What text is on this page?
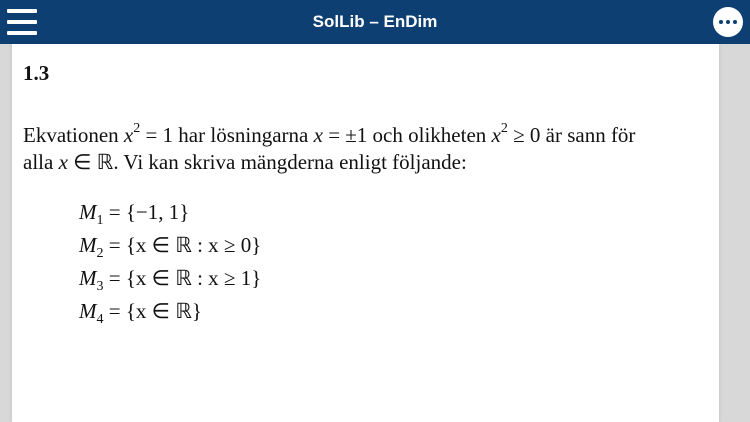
SolLib – EnDim
1.3
Ekvationen $x^2 = 1$ har lösningarna x = ±1 och olikheten $x^2 \ge 0$ är sann för
alla x ∈ ℝ. Vi kan skriva mängderna enligt följande:
$M_1 = \{-1$, 1}
$M_2 = \{x$ ∈ ℝ : x ≥ 0}
$M_3 = \{x$ ∈ ℝ : x ≥ 1}
$M_4 = \{x$ ∈ ℝ}
